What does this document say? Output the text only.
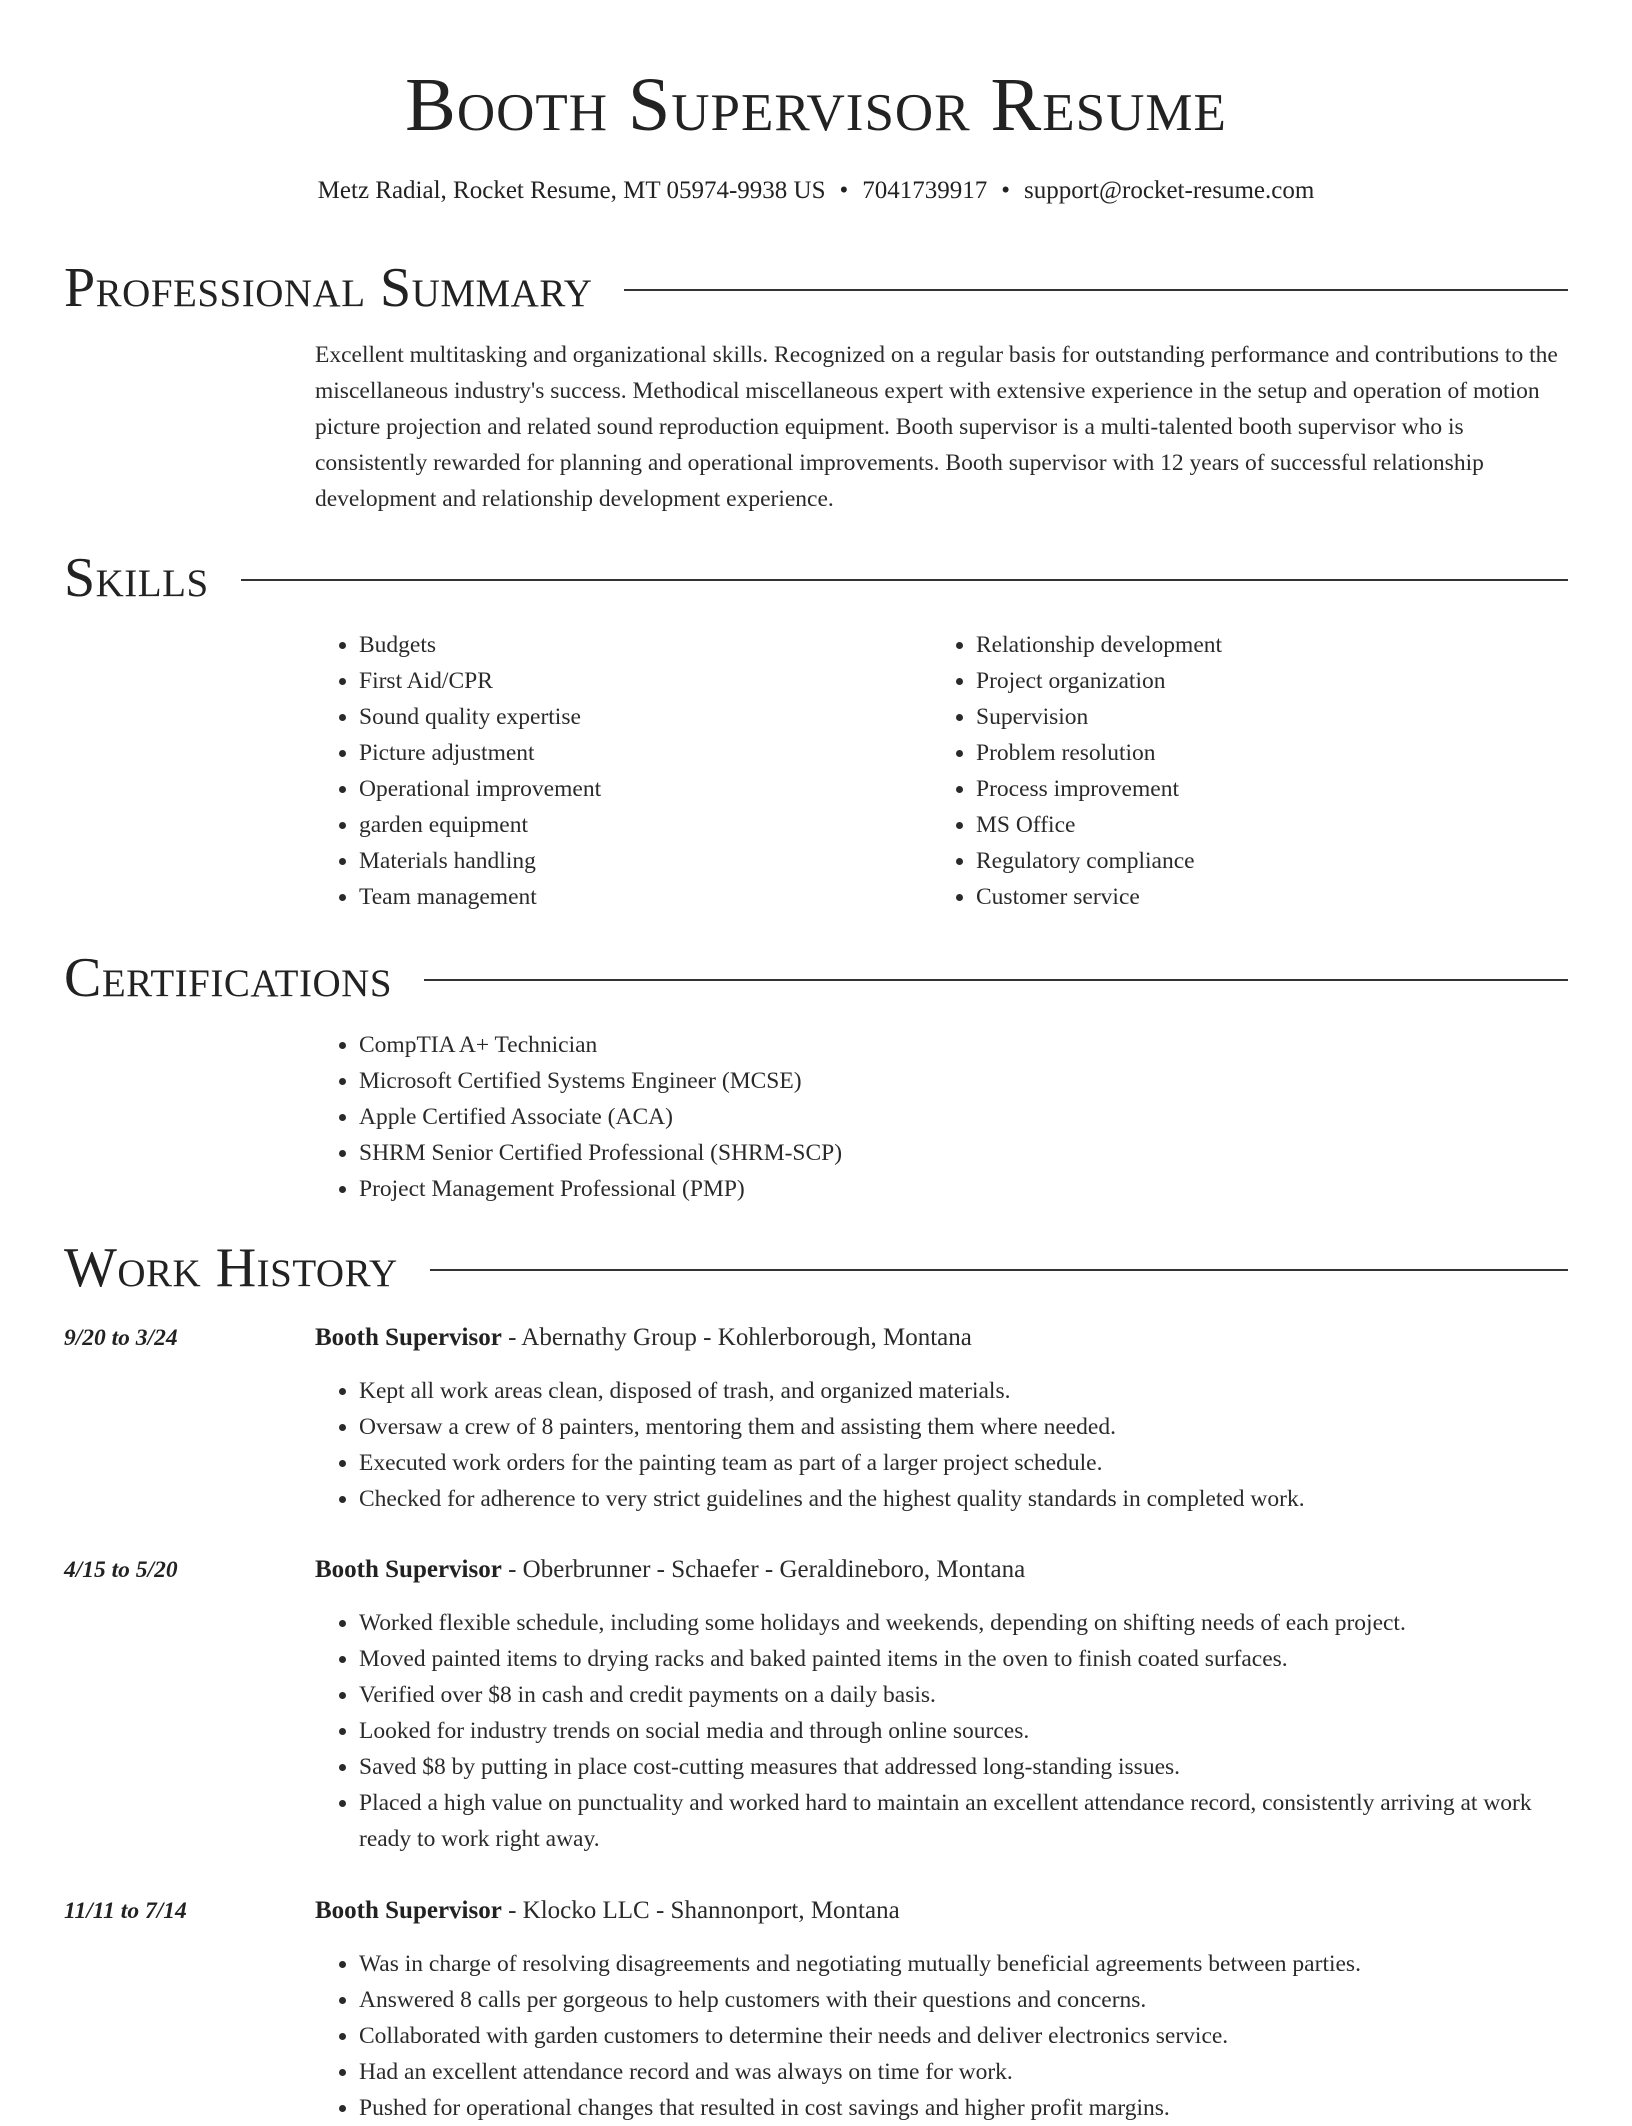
Booth Supervisor Resume
Metz Radial, Rocket Resume, MT 05974-9938 US • 7041739917 • support@rocket-resume.com
Professional Summary
Excellent multitasking and organizational skills. Recognized on a regular basis for outstanding performance and contributions to the miscellaneous industry's success. Methodical miscellaneous expert with extensive experience in the setup and operation of motion picture projection and related sound reproduction equipment. Booth supervisor is a multi-talented booth supervisor who is consistently rewarded for planning and operational improvements. Booth supervisor with 12 years of successful relationship development and relationship development experience.
Skills
• Budgets
• First Aid/CPR
• Sound quality expertise
• Picture adjustment
• Operational improvement
• garden equipment
• Materials handling
• Team management
• Relationship development
• Project organization
• Supervision
• Problem resolution
• Process improvement
• MS Office
• Regulatory compliance
• Customer service
Certifications
• CompTIA A+ Technician
• Microsoft Certified Systems Engineer (MCSE)
• Apple Certified Associate (ACA)
• SHRM Senior Certified Professional (SHRM-SCP)
• Project Management Professional (PMP)
Work History
9/20 to 3/24	Booth Supervisor - Abernathy Group - Kohlerborough, Montana
• Kept all work areas clean, disposed of trash, and organized materials.
• Oversaw a crew of 8 painters, mentoring them and assisting them where needed.
• Executed work orders for the painting team as part of a larger project schedule.
• Checked for adherence to very strict guidelines and the highest quality standards in completed work.
4/15 to 5/20	Booth Supervisor - Oberbrunner - Schaefer - Geraldineboro, Montana
• Worked flexible schedule, including some holidays and weekends, depending on shifting needs of each project.
• Moved painted items to drying racks and baked painted items in the oven to finish coated surfaces.
• Verified over $8 in cash and credit payments on a daily basis.
• Looked for industry trends on social media and through online sources.
• Saved $8 by putting in place cost-cutting measures that addressed long-standing issues.
• Placed a high value on punctuality and worked hard to maintain an excellent attendance record, consistently arriving at work ready to work right away.
11/11 to 7/14	Booth Supervisor - Klocko LLC - Shannonport, Montana
• Was in charge of resolving disagreements and negotiating mutually beneficial agreements between parties.
• Answered 8 calls per gorgeous to help customers with their questions and concerns.
• Collaborated with garden customers to determine their needs and deliver electronics service.
• Had an excellent attendance record and was always on time for work.
• Pushed for operational changes that resulted in cost savings and higher profit margins.
